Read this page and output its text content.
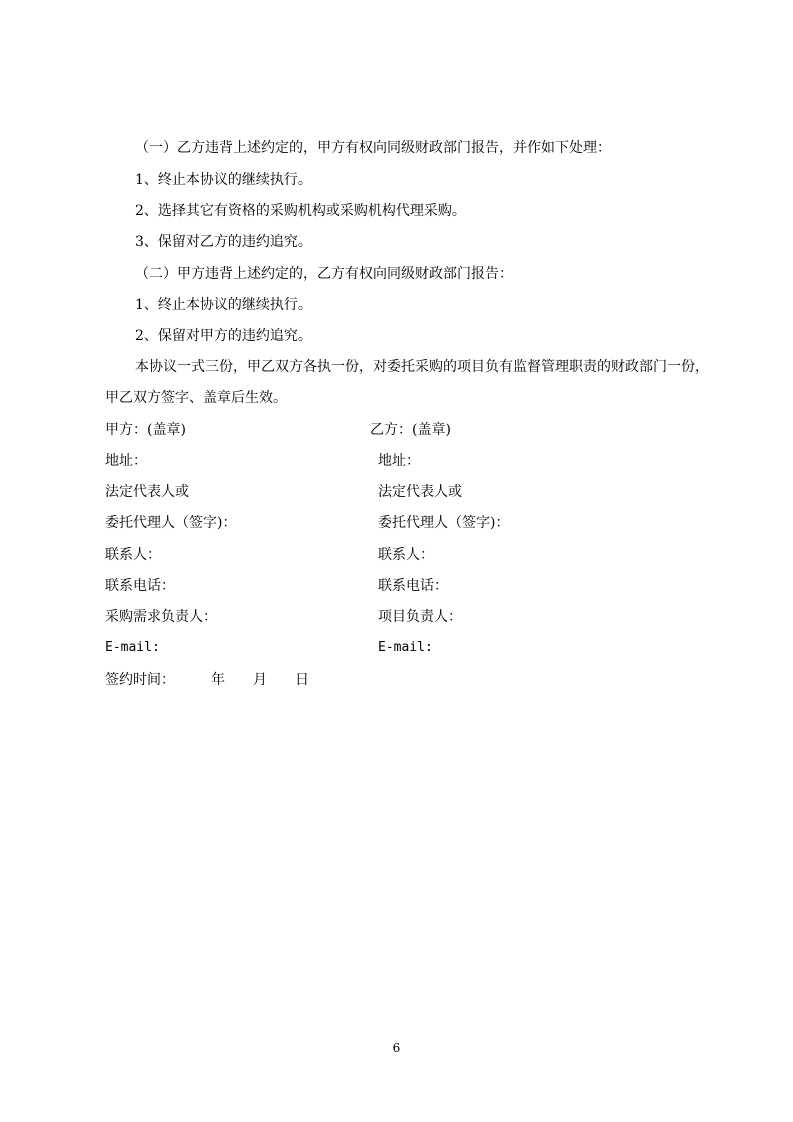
（一）乙方违背上述约定的，甲方有权向同级财政部门报告，并作如下处理：
1、终止本协议的继续执行。
2、选择其它有资格的采购机构或采购机构代理采购。
3、保留对乙方的违约追究。
（二）甲方违背上述约定的，乙方有权向同级财政部门报告：
1、终止本协议的继续执行。
2、保留对甲方的违约追究。
本协议一式三份，甲乙双方各执一份，对委托采购的项目负有监督管理职责的财政部门一份，
甲乙双方签字、盖章后生效。
甲方：(盖章)	乙方：(盖章)
地址：	地址：
法定代表人或	法定代表人或
委托代理人（签字)：	委托代理人（签字)：
联系人：	联系人：
联系电话：	联系电话：
采购需求负责人：	项目负责人：
E-mail:	E-mail:
签约时间：	年 月 日
6
